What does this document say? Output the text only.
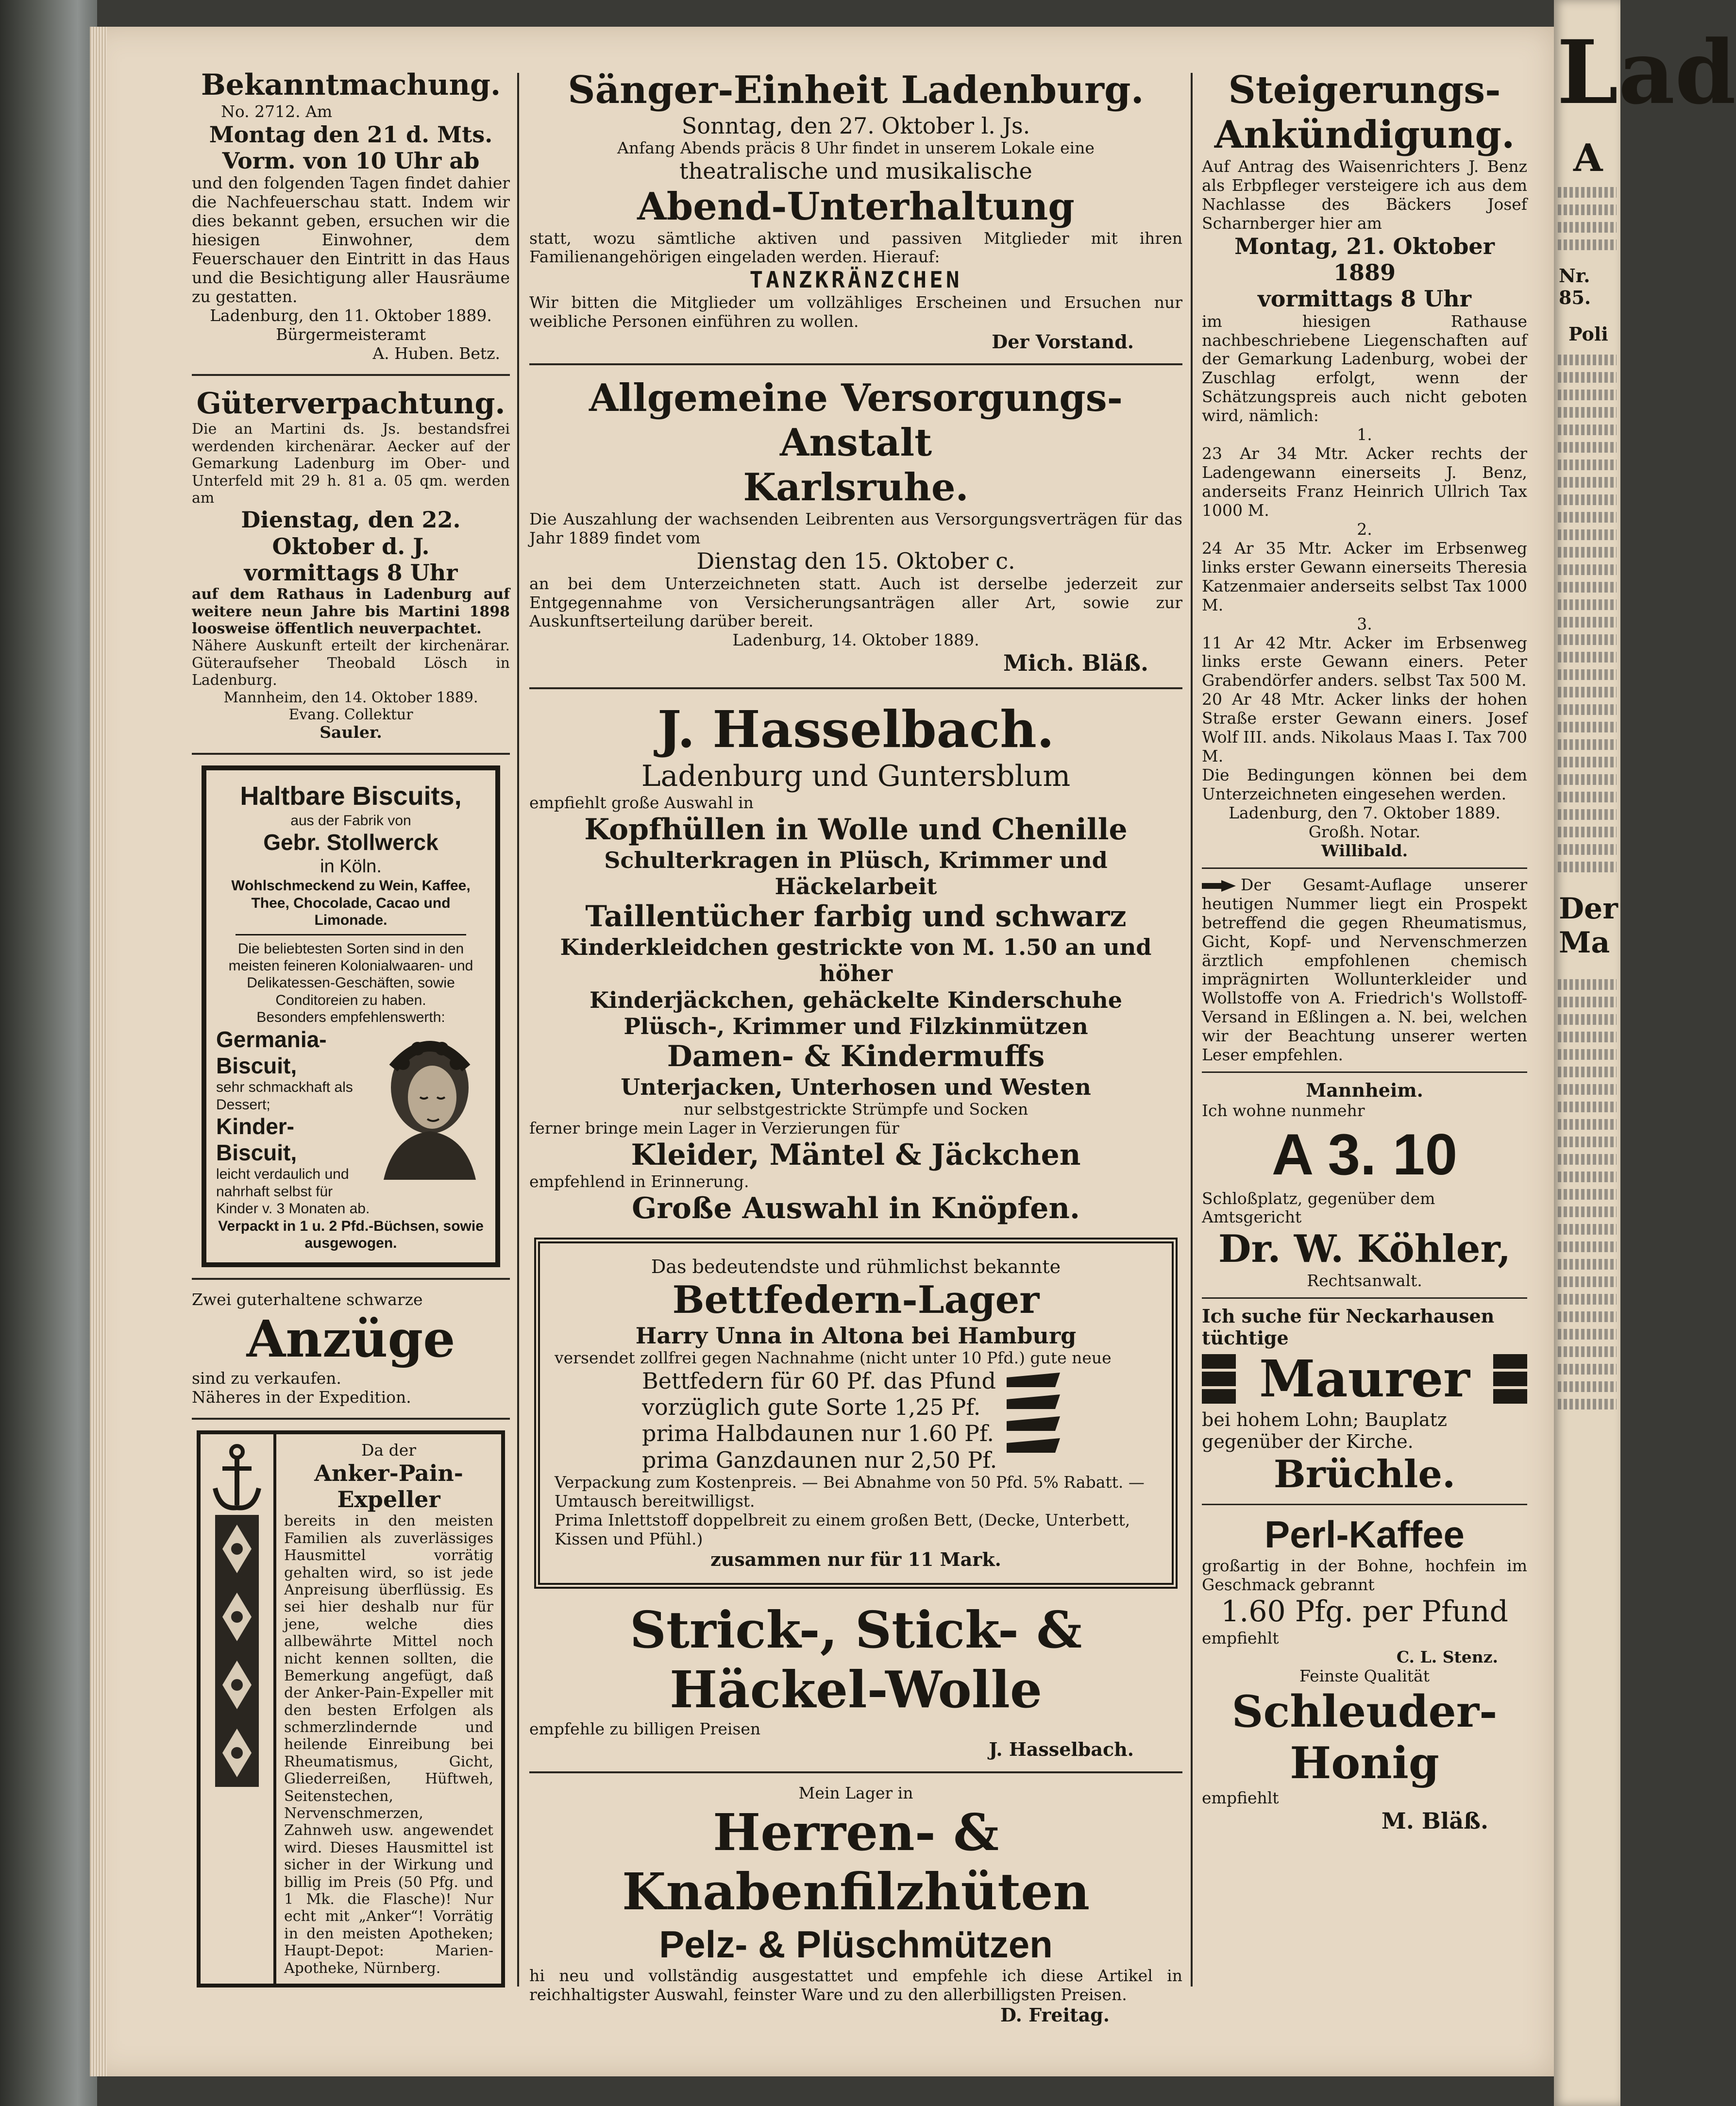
Lad
A
Nr. 85.
Poli
Der Ma

Bekanntmachung.

No. 2712. Am

Montag den 21 d. Mts.

Vorm. von 10 Uhr ab

und den folgenden Tagen findet dahier die Nachfeuerschau statt. Indem wir dies bekannt geben, ersuchen wir die hiesigen Einwohner, dem Feuerschauer den Eintritt in das Haus und die Besichtigung aller Hausräume zu gestatten.

Ladenburg, den 11. Oktober 1889.

Bürgermeisteramt

A. Huben. Betz.

Güterverpachtung.

Die an Martini ds. Js. bestandsfrei werdenden kirchenärar. Aecker auf der Gemarkung Ladenburg im Ober- und Unterfeld mit 29 h. 81 a. 05 qm. werden am

Dienstag, den 22. Oktober d. J.

vormittags 8 Uhr

auf dem Rathaus in Ladenburg auf weitere neun Jahre bis Martini 1898 loosweise öffentlich neuverpachtet.

Nähere Auskunft erteilt der kirchenärar. Güteraufseher Theobald Lösch in Ladenburg.

Mannheim, den 14. Oktober 1889.

Evang. Collektur

Sauler.

Haltbare Biscuits,

aus der Fabrik von

Gebr. Stollwerck

in Köln.

Wohlschmeckend zu Wein, Kaffee, Thee, Chocolade, Cacao und Limonade.

Die beliebtesten Sorten sind in den meisten feineren Kolonialwaaren- und Delikatessen-Geschäften, sowie Conditoreien zu haben.

Besonders empfehlenswerth:

Germania-Biscuit,

sehr schmackhaft als Dessert;

Kinder-Biscuit,

leicht verdaulich und nahrhaft selbst für Kinder v. 3 Monaten ab.

Verpackt in 1 u. 2 Pfd.-Büchsen, sowie ausgewogen.

Zwei guterhaltene schwarze

Anzüge

sind zu verkaufen.

Näheres in der Expedition.

Da der

Anker-Pain-Expeller

bereits in den meisten Familien als zuverlässiges Hausmittel vorrätig gehalten wird, so ist jede Anpreisung überflüssig. Es sei hier deshalb nur für jene, welche dies allbewährte Mittel noch nicht kennen sollten, die Bemerkung angefügt, daß der Anker-Pain-Expeller mit den besten Erfolgen als schmerzlindernde und heilende Einreibung bei Rheumatismus, Gicht, Gliederreißen, Hüftweh, Seitenstechen, Nervenschmerzen, Zahnweh usw. angewendet wird. Dieses Hausmittel ist sicher in der Wirkung und billig im Preis (50 Pfg. und 1 Mk. die Flasche)! Nur echt mit „Anker“! Vorrätig in den meisten Apotheken; Haupt-Depot: Marien-Apotheke, Nürnberg.

Sänger-Einheit Ladenburg.

Sonntag, den 27. Oktober l. Js.

Anfang Abends präcis 8 Uhr findet in unserem Lokale eine

theatralische und musikalische

Abend-Unterhaltung

statt, wozu sämtliche aktiven und passiven Mitglieder mit ihren Familienangehörigen eingeladen werden. Hierauf:

TANZKRÄNZCHEN

Wir bitten die Mitglieder um vollzähliges Erscheinen und Ersuchen nur weibliche Personen einführen zu wollen.

Der Vorstand.

Allgemeine Versorgungs-Anstalt

Karlsruhe.

Die Auszahlung der wachsenden Leibrenten aus Versorgungsverträgen für das Jahr 1889 findet vom

Dienstag den 15. Oktober c.

an bei dem Unterzeichneten statt. Auch ist derselbe jederzeit zur Entgegennahme von Versicherungsanträgen aller Art, sowie zur Auskunftserteilung darüber bereit.

Ladenburg, 14. Oktober 1889.

Mich. Bläß.

J. Hasselbach.

Ladenburg und Guntersblum

empfiehlt große Auswahl in

Kopfhüllen in Wolle und Chenille

Schulterkragen in Plüsch, Krimmer und Häckelarbeit

Taillentücher farbig und schwarz

Kinderkleidchen gestrickte von M. 1.50 an und höher

Kinderjäckchen, gehäckelte Kinderschuhe

Plüsch-, Krimmer und Filzkinmützen

Damen- & Kindermuffs

Unterjacken, Unterhosen und Westen

nur selbstgestrickte Strümpfe und Socken

ferner bringe mein Lager in Verzierungen für

Kleider, Mäntel & Jäckchen

empfehlend in Erinnerung.

Große Auswahl in Knöpfen.

Das bedeutendste und rühmlichst bekannte

Bettfedern-Lager

Harry Unna in Altona bei Hamburg

versendet zollfrei gegen Nachnahme (nicht unter 10 Pfd.) gute neue

Bettfedern für 60 Pf. das Pfund

vorzüglich gute Sorte 1,25 Pf.

prima Halbdaunen nur 1.60 Pf.

prima Ganzdaunen nur 2,50 Pf.

Verpackung zum Kostenpreis. — Bei Abnahme von 50 Pfd. 5% Rabatt. — Umtausch bereitwilligst.

Prima Inlettstoff doppelbreit zu einem großen Bett, (Decke, Unterbett, Kissen und Pfühl.)

zusammen nur für 11 Mark.

Strick-, Stick- & Häckel-Wolle

empfehle zu billigen Preisen

J. Hasselbach.

Mein Lager in

Herren- & Knabenfilzhüten

Pelz- & Plüschmützen

hi neu und vollständig ausgestattet und empfehle ich diese Artikel in reichhaltigster Auswahl, feinster Ware und zu den allerbilligsten Preisen.

D. Freitag.

Steigerungs-

Ankündigung.

Auf Antrag des Waisenrichters J. Benz als Erbpfleger versteigere ich aus dem Nachlasse des Bäckers Josef Scharnberger hier am

Montag, 21. Oktober 1889

vormittags 8 Uhr

im hiesigen Rathause nachbeschriebene Liegenschaften auf der Gemarkung Ladenburg, wobei der Zuschlag erfolgt, wenn der Schätzungspreis auch nicht geboten wird, nämlich:

1.

23 Ar 34 Mtr. Acker rechts der Ladengewann einerseits J. Benz, anderseits Franz Heinrich Ullrich Tax 1000 M.

2.

24 Ar 35 Mtr. Acker im Erbsenweg links erster Gewann einerseits Theresia Katzenmaier anderseits selbst Tax 1000 M.

3.

11 Ar 42 Mtr. Acker im Erbsenweg links erste Gewann einers. Peter Grabendörfer anders. selbst Tax 500 M.

20 Ar 48 Mtr. Acker links der hohen Straße erster Gewann einers. Josef Wolf III. ands. Nikolaus Maas I. Tax 700 M.

Die Bedingungen können bei dem Unterzeichneten eingesehen werden.

Ladenburg, den 7. Oktober 1889.

Großh. Notar.

Willibald.

Der Gesamt-Auflage unserer heutigen Nummer liegt ein Prospekt betreffend die gegen Rheumatismus, Gicht, Kopf- und Nervenschmerzen ärztlich empfohlenen chemisch imprägnirten Wollunterkleider und Wollstoffe von A. Friedrich's Wollstoff-Versand in Eßlingen a. N. bei, welchen wir der Beachtung unserer werten Leser empfehlen.

Mannheim.

Ich wohne nunmehr

A 3. 10

Schloßplatz, gegenüber dem Amtsgericht

Dr. W. Köhler,

Rechtsanwalt.

Ich suche für Neckarhausen tüchtige

Maurer

bei hohem Lohn; Bauplatz gegenüber der Kirche.

Brüchle.

Perl-Kaffee

großartig in der Bohne, hochfein im Geschmack gebrannt

1.60 Pfg. per Pfund

empfiehlt

C. L. Stenz.

Feinste Qualität

Schleuder-Honig

empfiehlt

M. Bläß.
